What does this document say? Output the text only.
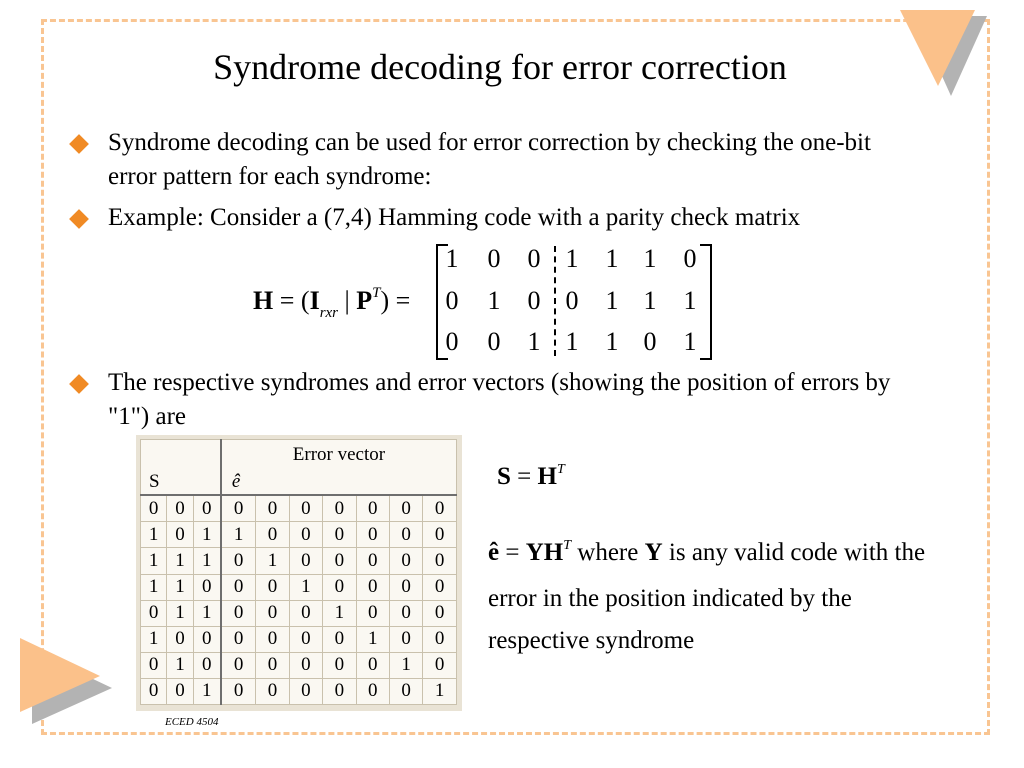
Syndrome decoding for error correction
Syndrome decoding can be used for error correction by checking the one-bit error pattern for each syndrome:
Example: Consider a (7,4) Hamming code with a parity check matrix
$H = (I_{rxr}$ | $P^T$) =
1 0 0 1 1 1 0
0 1 0 0 1 1 1
0 0 1 1 1 0 1
The respective syndromes and error vectors (showing the position of errors by "1") are
			Error vector						
S			ê						
0	0	0	0	0	0	0	0	0	0
1	0	1	1	0	0	0	0	0	0
1	1	1	0	1	0	0	0	0	0
1	1	0	0	0	1	0	0	0	0
0	1	1	0	0	0	1	0	0	0
1	0	0	0	0	0	0	1	0	0
0	1	0	0	0	0	0	0	1	0
0	0	1	0	0	0	0	0	0	1
$S = H^T$
ê = $YH^T$ where Y is any valid code with the error in the position indicated by the respective syndrome
ECED 4504
